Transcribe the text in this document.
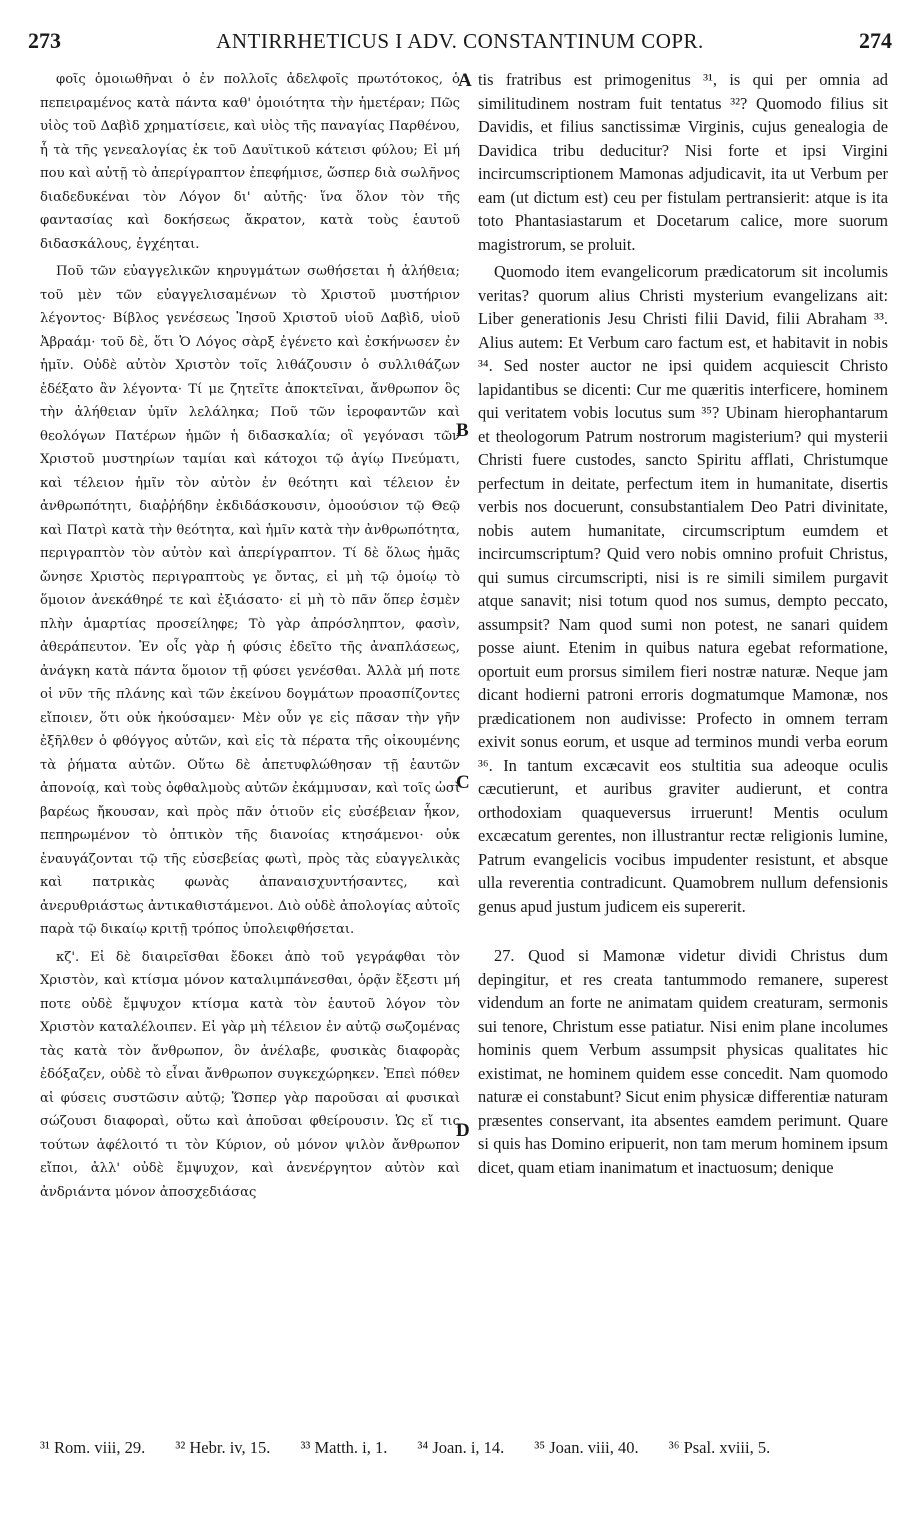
273	ANTIRRHETICUS I ADV. CONSTANTINUM COPR.	274

φοῖς ὁμοιωθῆναι ὁ ἐν πολλοῖς ἀδελφοῖς πρωτότοκος, ὁ πεπειραμένος κατὰ πάντα καθ' ὁμοιότητα τὴν ἡμετέραν; Πῶς υἱὸς τοῦ Δαβὶδ χρηματίσειε, καὶ υἱὸς τῆς παναγίας Παρθένου, ἧ τὰ τῆς γενεαλογίας ἐκ τοῦ Δαυϊτικοῦ κάτεισι φύλου; Εἰ μή που καὶ αὐτῇ τὸ ἀπερίγραπτον ἐπεφήμισε, ὥσπερ διὰ σωλῆνος διαδεδυκέναι τὸν Λόγον δι' αὐτῆς· ἵνα ὅλον τὸν τῆς φαντασίας καὶ δοκήσεως ἄκρατον, κατὰ τοὺς ἑαυτοῦ διδασκάλους, ἐγχέηται.

Ποῦ τῶν εὐαγγελικῶν κηρυγμάτων σωθήσεται ἡ ἀλήθεια; τοῦ μὲν τῶν εὐαγγελισαμένων τὸ Χριστοῦ μυστήριον λέγοντος· Βίβλος γενέσεως Ἰησοῦ Χριστοῦ υἱοῦ Δαβὶδ, υἱοῦ Ἀβραάμ· τοῦ δὲ, ὅτι Ὁ Λόγος σὰρξ ἐγένετο καὶ ἐσκήνωσεν ἐν ἡμῖν. Οὐδὲ αὐτὸν Χριστὸν τοῖς λιθάζουσιν ὁ συλλιθάζων ἐδέξατο ἂν λέγοντα· Τί με ζητεῖτε ἀποκτεῖναι, ἄνθρωπον ὃς τὴν ἀλήθειαν ὑμῖν λελάληκα; Ποῦ τῶν ἱεροφαντῶν καὶ θεολόγων Πατέρων ἡμῶν ἡ διδασκαλία; οἳ γεγόνασι τῶν Χριστοῦ μυστηρίων ταμίαι καὶ κάτοχοι τῷ ἁγίῳ Πνεύματι, καὶ τέλειον ἡμῖν τὸν αὐτὸν ἐν θεότητι καὶ τέλειον ἐν ἀνθρωπότητι, διαῤῥήδην ἐκδιδάσκουσιν, ὁμοούσιον τῷ Θεῷ καὶ Πατρὶ κατὰ τὴν θεότητα, καὶ ἡμῖν κατὰ τὴν ἀνθρωπότητα, περιγραπτὸν τὸν αὐτὸν καὶ ἀπερίγραπτον. Τί δὲ ὅλως ἡμᾶς ὤνησε Χριστὸς περιγραπτοὺς γε ὄντας, εἰ μὴ τῷ ὁμοίῳ τὸ ὅμοιον ἀνεκάθηρέ τε καὶ ἐξιάσατο· εἰ μὴ τὸ πᾶν ὅπερ ἐσμὲν πλὴν ἁμαρτίας προσείληφε; Τὸ γὰρ ἀπρόσληπτον, φασὶν, ἀθεράπευτον. Ἐν οἷς γὰρ ἡ φύσις ἐδεῖτο τῆς ἀναπλάσεως, ἀνάγκη κατὰ πάντα ὅμοιον τῇ φύσει γενέσθαι. Ἀλλὰ μή ποτε οἱ νῦν τῆς πλάνης καὶ τῶν ἐκείνου δογμάτων προασπίζοντες εἴποιεν, ὅτι οὐκ ἠκούσαμεν· Μὲν οὖν γε εἰς πᾶσαν τὴν γῆν ἐξῆλθεν ὁ φθόγγος αὐτῶν, καὶ εἰς τὰ πέρατα τῆς οἰκουμένης τὰ ῥήματα αὐτῶν. Οὕτω δὲ ἀπετυφλώθησαν τῇ ἑαυτῶν ἀπονοίᾳ, καὶ τοὺς ὀφθαλμοὺς αὐτῶν ἐκάμμυσαν, καὶ τοῖς ὠσὶ βαρέως ἤκουσαν, καὶ πρὸς πᾶν ὁτιοῦν εἰς εὐσέβειαν ἧκον, πεπηρωμένον τὸ ὀπτικὸν τῆς διανοίας κτησάμενοι· οὐκ ἐναυγάζονται τῷ τῆς εὐσεβείας φωτὶ, πρὸς τὰς εὐαγγελικὰς καὶ πατρικὰς φωνὰς ἀπαναισχυντήσαντες, καὶ ἀνερυθριάστως ἀντικαθιστάμενοι. Διὸ οὐδὲ ἀπολογίας αὐτοῖς παρὰ τῷ δικαίῳ κριτῇ τρόπος ὑπολειφθήσεται.

κζ'. Εἰ δὲ διαιρεῖσθαι ἔδοκει ἀπὸ τοῦ γεγράφθαι τὸν Χριστὸν, καὶ κτίσμα μόνον καταλιμπάνεσθαι, ὁρᾷν ἔξεστι μή ποτε οὐδὲ ἔμψυχον κτίσμα κατὰ τὸν ἑαυτοῦ λόγον τὸν Χριστὸν καταλέλοιπεν. Εἰ γὰρ μὴ τέλειον ἐν αὐτῷ σωζομένας τὰς κατὰ τὸν ἄνθρωπον, ὃν ἀνέλαβε, φυσικὰς διαφορὰς ἐδόξαζεν, οὐδὲ τὸ εἶναι ἄνθρωπον συγκεχώρηκεν. Ἐπεὶ πόθεν αἱ φύσεις συστῶσιν αὐτῷ; Ὥσπερ γὰρ παροῦσαι αἱ φυσικαὶ σώζουσι διαφοραὶ, οὕτω καὶ ἀποῦσαι φθείρουσιν. Ὡς εἴ τις τούτων ἀφέλοιτό τι τὸν Κύριον, οὐ μόνον ψιλὸν ἄνθρωπον εἴποι, ἀλλ' οὐδὲ ἔμψυχον, καὶ ἀνενέργητον αὐτὸν καὶ ἀνδριάντα μόνον ἀποσχεδιάσας

A
B
C
D

tis fratribus est primogenitus ³¹, is qui per omnia ad similitudinem nostram fuit tentatus ³²? Quomodo filius sit Davidis, et filius sanctissimæ Virginis, cujus genealogia de Davidica tribu deducitur? Nisi forte et ipsi Virgini incircumscriptionem Mamonas adjudicavit, ita ut Verbum per eam (ut dictum est) ceu per fistulam pertransierit: atque is ita toto Phantasiastarum et Docetarum calice, more suorum magistrorum, se proluit.

Quomodo item evangelicorum prædicatorum sit incolumis veritas? quorum alius Christi mysterium evangelizans ait: Liber generationis Jesu Christi filii David, filii Abraham ³³. Alius autem: Et Verbum caro factum est, et habitavit in nobis ³⁴. Sed noster auctor ne ipsi quidem acquiescit Christo lapidantibus se dicenti: Cur me quæritis interficere, hominem qui veritatem vobis locutus sum ³⁵? Ubinam hierophantarum et theologorum Patrum nostrorum magisterium? qui mysterii Christi fuere custodes, sancto Spiritu afflati, Christumque perfectum in deitate, perfectum item in humanitate, disertis verbis nos docuerunt, consubstantialem Deo Patri divinitate, nobis autem humanitate, circumscriptum eumdem et incircumscriptum? Quid vero nobis omnino profuit Christus, qui sumus circumscripti, nisi is re simili similem purgavit atque sanavit; nisi totum quod nos sumus, dempto peccato, assumpsit? Nam quod sumi non potest, ne sanari quidem posse aiunt. Etenim in quibus natura egebat reformatione, oportuit eum prorsus similem fieri nostræ naturæ. Neque jam dicant hodierni patroni erroris dogmatumque Mamonæ, nos prædicationem non audivisse: Profecto in omnem terram exivit sonus eorum, et usque ad terminos mundi verba eorum ³⁶. In tantum excæcavit eos stultitia sua adeoque oculis cæcutierunt, et auribus graviter audierunt, et contra orthodoxiam quaqueversus irruerunt! Mentis oculum excæcatum gerentes, non illustrantur rectæ religionis lumine, Patrum evangelicis vocibus impudenter resistunt, et absque ulla reverentia contradicunt. Quamobrem nullum defensionis genus apud justum judicem eis supererit.

27. Quod si Mamonæ videtur dividi Christus dum depingitur, et res creata tantummodo remanere, superest videndum an forte ne animatam quidem creaturam, sermonis sui tenore, Christum esse patiatur. Nisi enim plane incolumes hominis quem Verbum assumpsit physicas qualitates hic existimat, ne hominem quidem esse concedit. Nam quomodo naturæ ei constabunt? Sicut enim physicæ differentiæ naturam præsentes conservant, ita absentes eamdem perimunt. Quare si quis has Domino eripuerit, non tam merum hominem ipsum dicet, quam etiam inanimatum et inactuosum; denique

³¹ Rom. viii, 29. ³² Hebr. iv, 15. ³³ Matth. i, 1. ³⁴ Joan. i, 14. ³⁵ Joan. viii, 40. ³⁶ Psal. xviii, 5.
